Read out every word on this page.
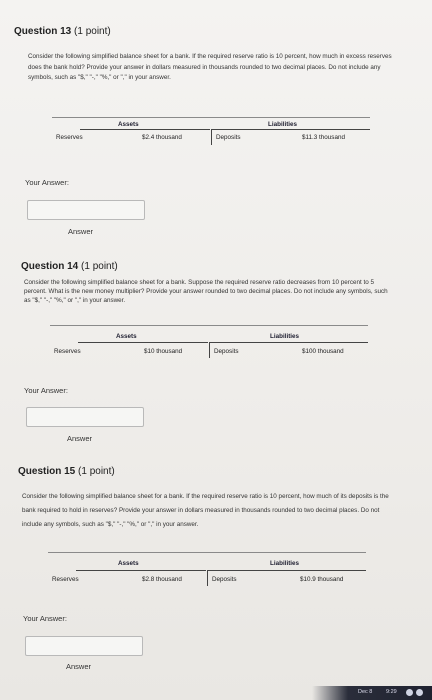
Question 13 (1 point)
Consider the following simplified balance sheet for a bank. If the required reserve ratio is 10 percent, how much in excess reserves does the bank hold? Provide your answer in dollars measured in thousands rounded to two decimal places. Do not include any symbols, such as "$," "-," "%," or "," in your answer.
Assets	Liabilities
Reserves	$2.4 thousand	Deposits	$11.3 thousand
Your Answer:
Answer
Question 14 (1 point)
Consider the following simplified balance sheet for a bank. Suppose the required reserve ratio decreases from 10 percent to 5 percent. What is the new money multiplier? Provide your answer rounded to two decimal places. Do not include any symbols, such as "$," "-," "%," or "," in your answer.
Assets	Liabilities
Reserves	$10 thousand	Deposits	$100 thousand
Your Answer:
Answer
Question 15 (1 point)
Consider the following simplified balance sheet for a bank. If the required reserve ratio is 10 percent, how much of its deposits is the bank required to hold in reserves? Provide your answer in dollars measured in thousands rounded to two decimal places. Do not include any symbols, such as "$," "-," "%," or "," in your answer.
Assets	Liabilities
Reserves	$2.8 thousand	Deposits	$10.9 thousand
Your Answer:
Answer
Dec 8 9:29
